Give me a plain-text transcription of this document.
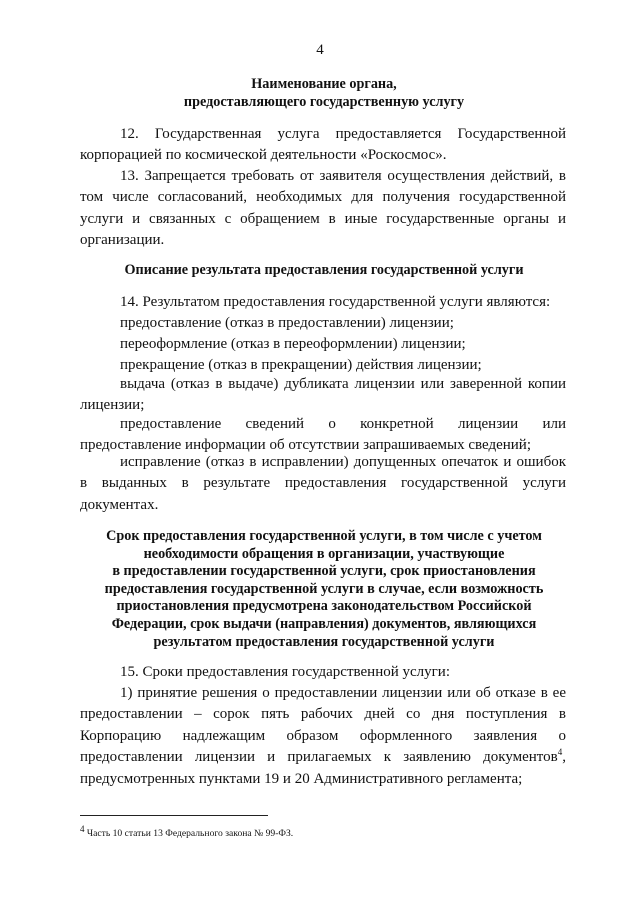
4
Наименование органа,
предоставляющего государственную услугу

12. Государственная услуга предоставляется Государственной корпорацией по космической деятельности «Роскосмос».

13. Запрещается требовать от заявителя осуществления действий, в том числе согласований, необходимых для получения государственной услуги и связанных с обращением в иные государственные органы и организации.

Описание результата предоставления государственной услуги
14. Результатом предоставления государственной услуги являются:
предоставление (отказ в предоставлении) лицензии;
переоформление (отказ в переоформлении) лицензии;
прекращение (отказ в прекращении) действия лицензии;

выдача (отказ в выдаче) дубликата лицензии или заверенной копии лицензии;

предоставление сведений о конкретной лицензии или предоставление информации об отсутствии запрашиваемых сведений;

исправление (отказ в исправлении) допущенных опечаток и ошибок в выданных в результате предоставления государственной услуги документах.

Срок предоставления государственной услуги, в том числе с учетом
необходимости обращения в организации, участвующие
в предоставлении государственной услуги, срок приостановления
предоставления государственной услуги в случае, если возможность
приостановления предусмотрена законодательством Российской
Федерации, срок выдачи (направления) документов, являющихся
результатом предоставления государственной услуги
15. Сроки предоставления государственной услуги:

1) принятие решения о предоставлении лицензии или об отказе в ее предоставлении – сорок пять рабочих дней со дня поступления в Корпорацию надлежащим образом оформленного заявления о предоставлении лицензии и прилагаемых к заявлению документов$^4$, предусмотренных пунктами 19 и 20 Административного регламента;

$^4$ Часть 10 статьи 13 Федерального закона № 99-ФЗ.
